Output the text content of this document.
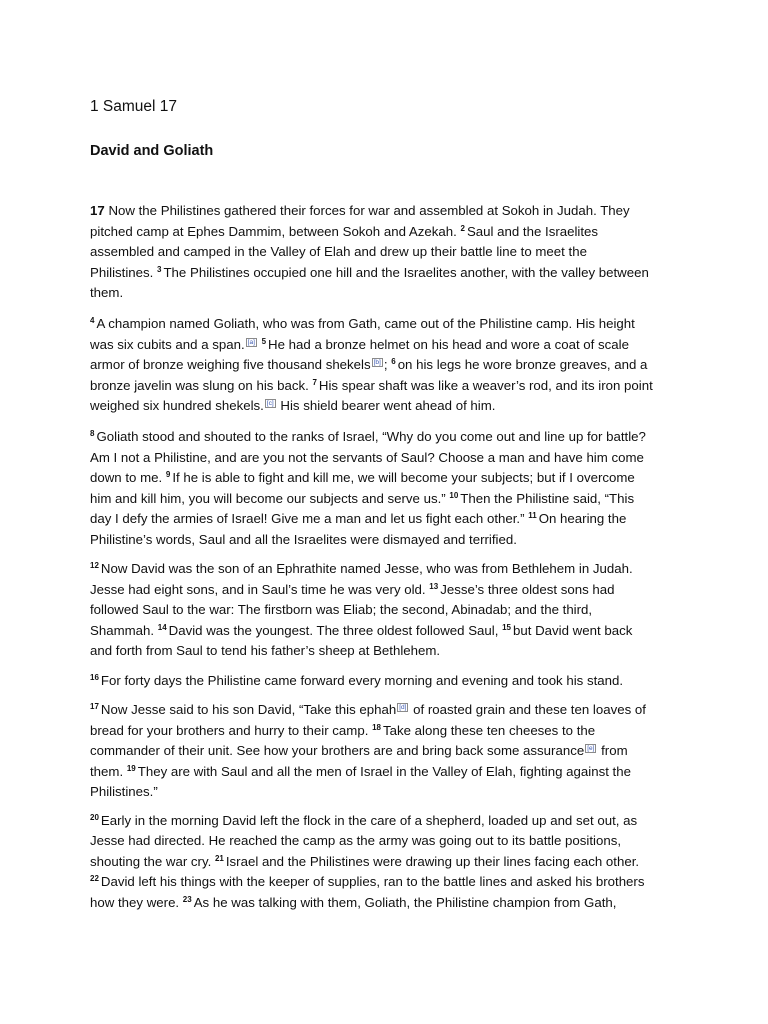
1 Samuel 17
David and Goliath

17 Now the Philistines gathered their forces for war and assembled at Sokoh in Judah. They
pitched camp at Ephes Dammim, between Sokoh and Azekah. $^2$ Saul and the Israelites
assembled and camped in the Valley of Elah and drew up their battle line to meet the
Philistines. $^3$ The Philistines occupied one hill and the Israelites another, with the valley between
them.

$^4$ A champion named Goliath, who was from Gath, came out of the Philistine camp. His height
was six cubits and a span. [a] $^5$ He had a bronze helmet on his head and wore a coat of scale
armor of bronze weighing five thousand shekels [b] ; $^6$ on his legs he wore bronze greaves, and a
bronze javelin was slung on his back. $^7$ His spear shaft was like a weaver’s rod, and its iron point
weighed six hundred shekels. [c] His shield bearer went ahead of him.

$^8$ Goliath stood and shouted to the ranks of Israel, “Why do you come out and line up for battle?
Am I not a Philistine, and are you not the servants of Saul? Choose a man and have him come
down to me. $^9$ If he is able to fight and kill me, we will become your subjects; but if I overcome
him and kill him, you will become our subjects and serve us.” $^{10}$ Then the Philistine said, “This
day I defy the armies of Israel! Give me a man and let us fight each other.” $^{11}$ On hearing the
Philistine’s words, Saul and all the Israelites were dismayed and terrified.

$^{12}$ Now David was the son of an Ephrathite named Jesse, who was from Bethlehem in Judah.
Jesse had eight sons, and in Saul’s time he was very old. $^{13}$ Jesse’s three oldest sons had
followed Saul to the war: The firstborn was Eliab; the second, Abinadab; and the third,
Shammah. $^{14}$ David was the youngest. The three oldest followed Saul, $^{15}$ but David went back
and forth from Saul to tend his father’s sheep at Bethlehem.

$^{16}$ For forty days the Philistine came forward every morning and evening and took his stand.

$^{17}$ Now Jesse said to his son David, “Take this ephah [d] of roasted grain and these ten loaves of
bread for your brothers and hurry to their camp. $^{18}$ Take along these ten cheeses to the
commander of their unit. See how your brothers are and bring back some assurance [e] from
them. $^{19}$ They are with Saul and all the men of Israel in the Valley of Elah, fighting against the
Philistines.”

$^{20}$ Early in the morning David left the flock in the care of a shepherd, loaded up and set out, as
Jesse had directed. He reached the camp as the army was going out to its battle positions,
shouting the war cry. $^{21}$ Israel and the Philistines were drawing up their lines facing each other.
$^{22}$ David left his things with the keeper of supplies, ran to the battle lines and asked his brothers
how they were. $^{23}$ As he was talking with them, Goliath, the Philistine champion from Gath,
